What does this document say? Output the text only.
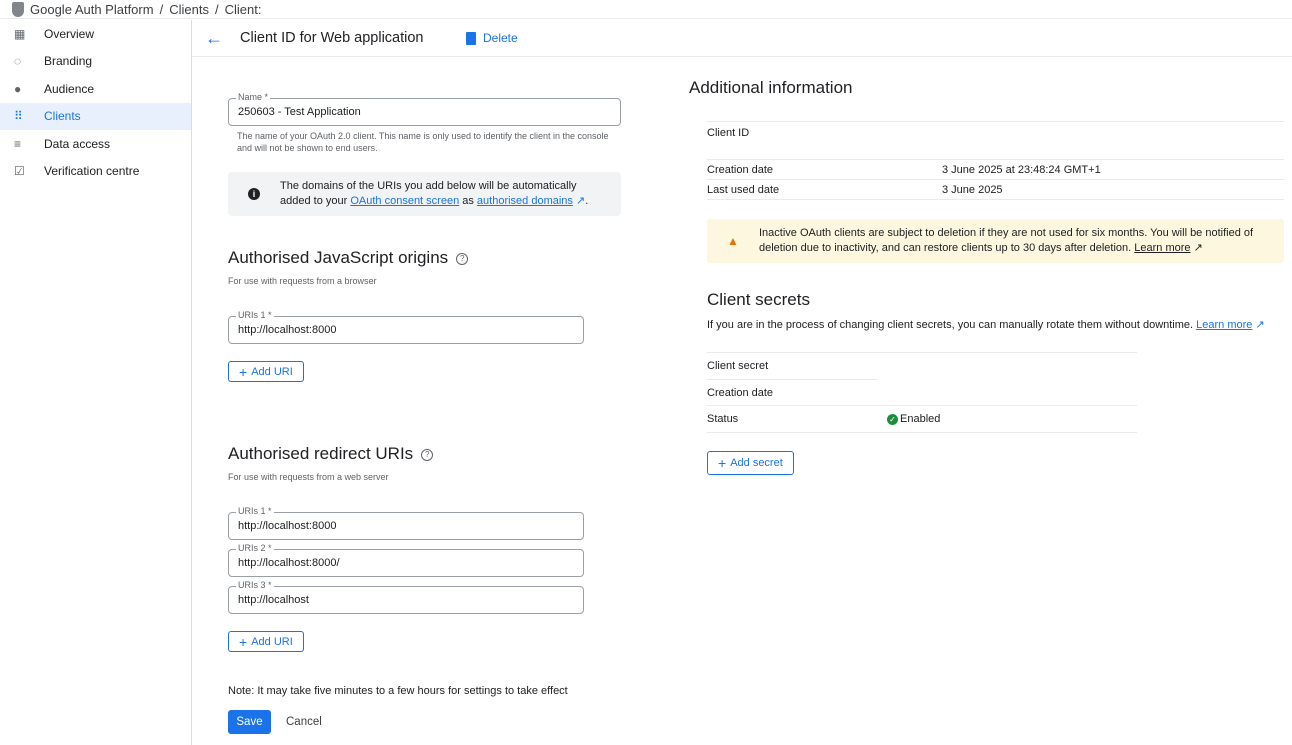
Google Auth Platform / Clients / Client:
▦	Overview
◌	Branding
●	Audience
⠿	Clients
≡	Data access
☑	Verification centre
←	Client ID for Web application	Delete
Name *
250603 - Test Application
The name of your OAuth 2.0 client. This name is only used to identify the client in the console and will not be shown to end users.
i
The domains of the URIs you add below will be automatically added to your OAuth consent screen as authorised domains ↗.
Authorised JavaScript origins ?
For use with requests from a browser
URIs 1 *
http://localhost:8000
+ Add URI
Authorised redirect URIs ?
For use with requests from a web server
URIs 1 *
http://localhost:8000
URIs 2 *
http://localhost:8000/
URIs 3 *
http://localhost
+ Add URI
Note: It may take five minutes to a few hours for settings to take effect
Save	Cancel
Additional information
Client ID
Creation date	3 June 2025 at 23:48:24 GMT+1
Last used date	3 June 2025
▲
Inactive OAuth clients are subject to deletion if they are not used for six months. You will be notified of deletion due to inactivity, and can restore clients up to 30 days after deletion. Learn more ↗
Client secrets
If you are in the process of changing client secrets, you can manually rotate them without downtime. Learn more ↗
Client secret
Creation date
Status	✓ Enabled
+ Add secret
